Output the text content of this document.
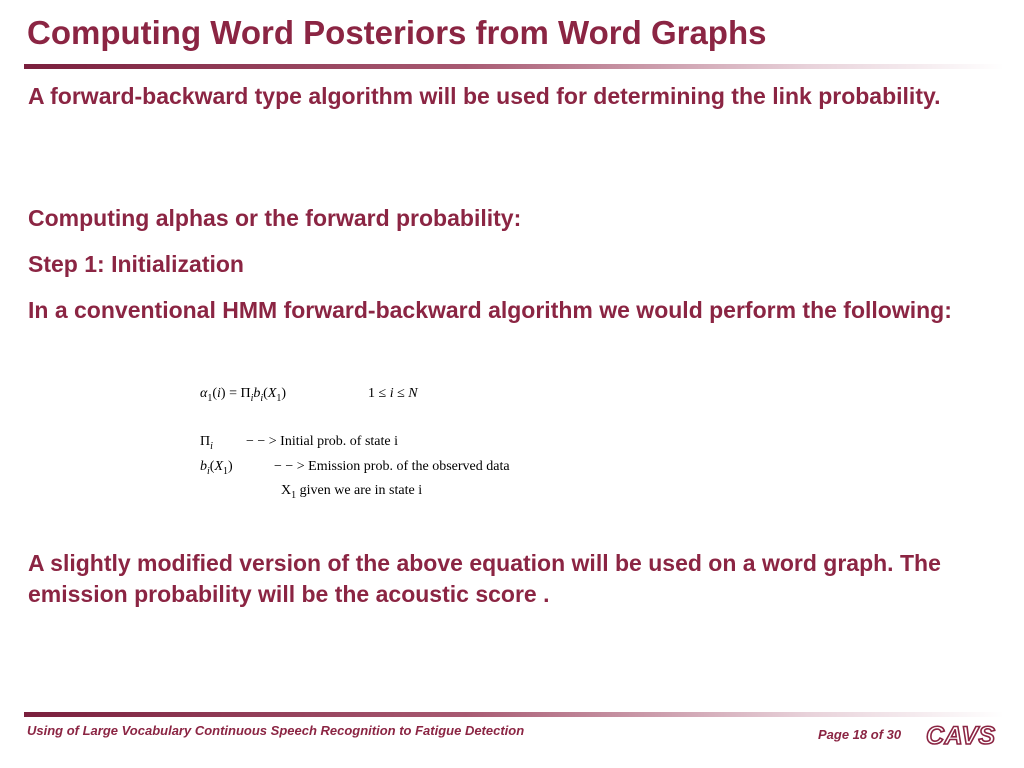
Computing Word Posteriors from Word Graphs

A forward-backward type algorithm will be used for determining the link probability.

Computing alphas or the forward probability:

Step 1: Initialization

In a conventional HMM forward-backward algorithm we would perform the following:

$\alpha_1(i) = \Pi_ib_i(X_1)$	1 ≤ i ≤ N
$\Pi_i$ − − > Initial prob. of state i
$b_i(X_1)$	− − > Emission prob. of the observed data
$X_1$ given we are in state i

A slightly modified version of the above equation will be used on a word graph. The emission probability will be the acoustic score .

Using of Large Vocabulary Continuous Speech Recognition to Fatigue Detection	Page 18 of 30 CAVS
